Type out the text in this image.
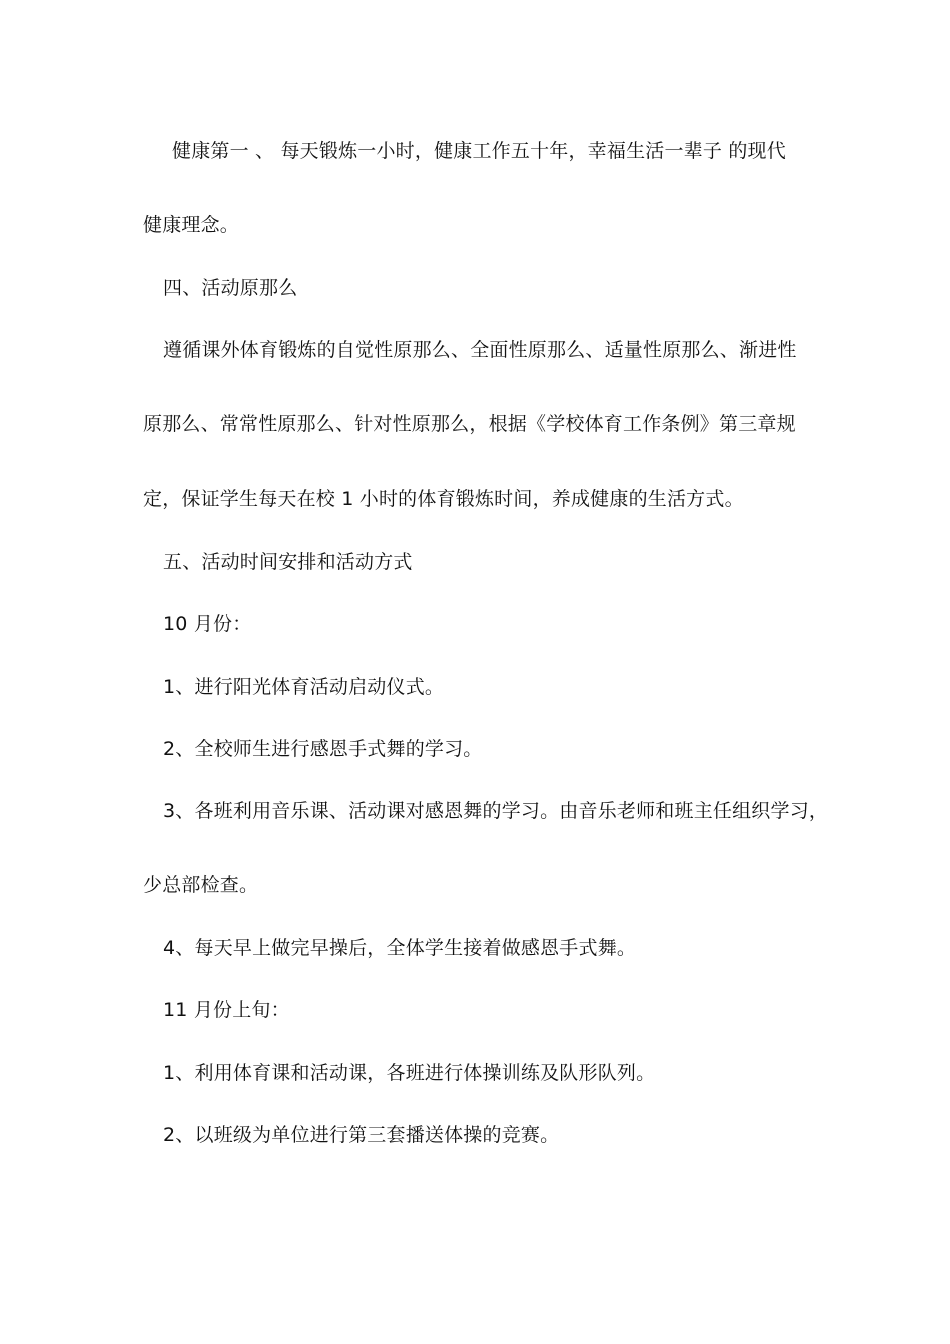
健康第一 、 每天锻炼一小时，健康工作五十年，幸福生活一辈子 的现代
健康理念。
四、活动原那么
遵循课外体育锻炼的自觉性原那么、全面性原那么、适量性原那么、渐进性
原那么、常常性原那么、针对性原那么，根据《学校体育工作条例》第三章规
定，保证学生每天在校 1 小时的体育锻炼时间，养成健康的生活方式。
五、活动时间安排和活动方式
10 月份：
1、进行阳光体育活动启动仪式。
2、全校师生进行感恩手式舞的学习。
3、各班利用音乐课、活动课对感恩舞的学习。由音乐老师和班主任组织学习，
少总部检查。
4、每天早上做完早操后，全体学生接着做感恩手式舞。
11 月份上旬：
1、利用体育课和活动课，各班进行体操训练及队形队列。
2、以班级为单位进行第三套播送体操的竞赛。
